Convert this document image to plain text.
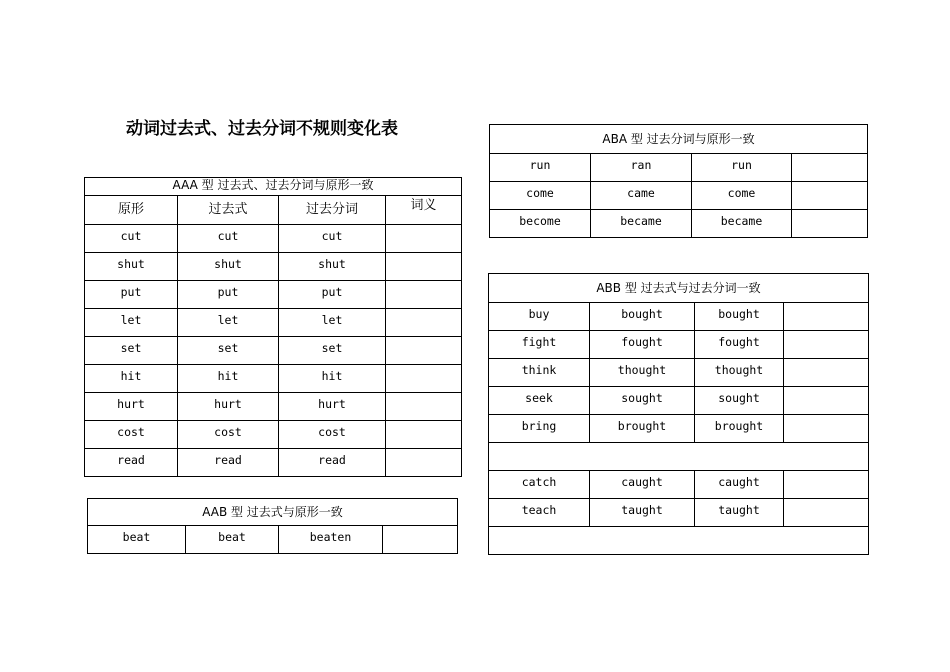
动词过去式、过去分词不规则变化表
AAA 型 过去式、过去分词与原形一致			
原形	过去式	过去分词	词义
cut	cut	cut	
shut	shut	shut	
put	put	put	
let	let	let	
set	set	set	
hit	hit	hit	
hurt	hurt	hurt	
cost	cost	cost	
read	read	read	
AAB 型 过去式与原形一致
beat	beat	beaten	
ABA 型 过去分词与原形一致			
run	ran	run	
come	came	come	
become	became	became	
ABB 型 过去式与过去分词一致			
buy	bought	bought	
fight	fought	fought	
think	thought	thought	
seek	sought	sought	
bring	brought	brought	

catch	caught	caught	
teach	taught	taught	
